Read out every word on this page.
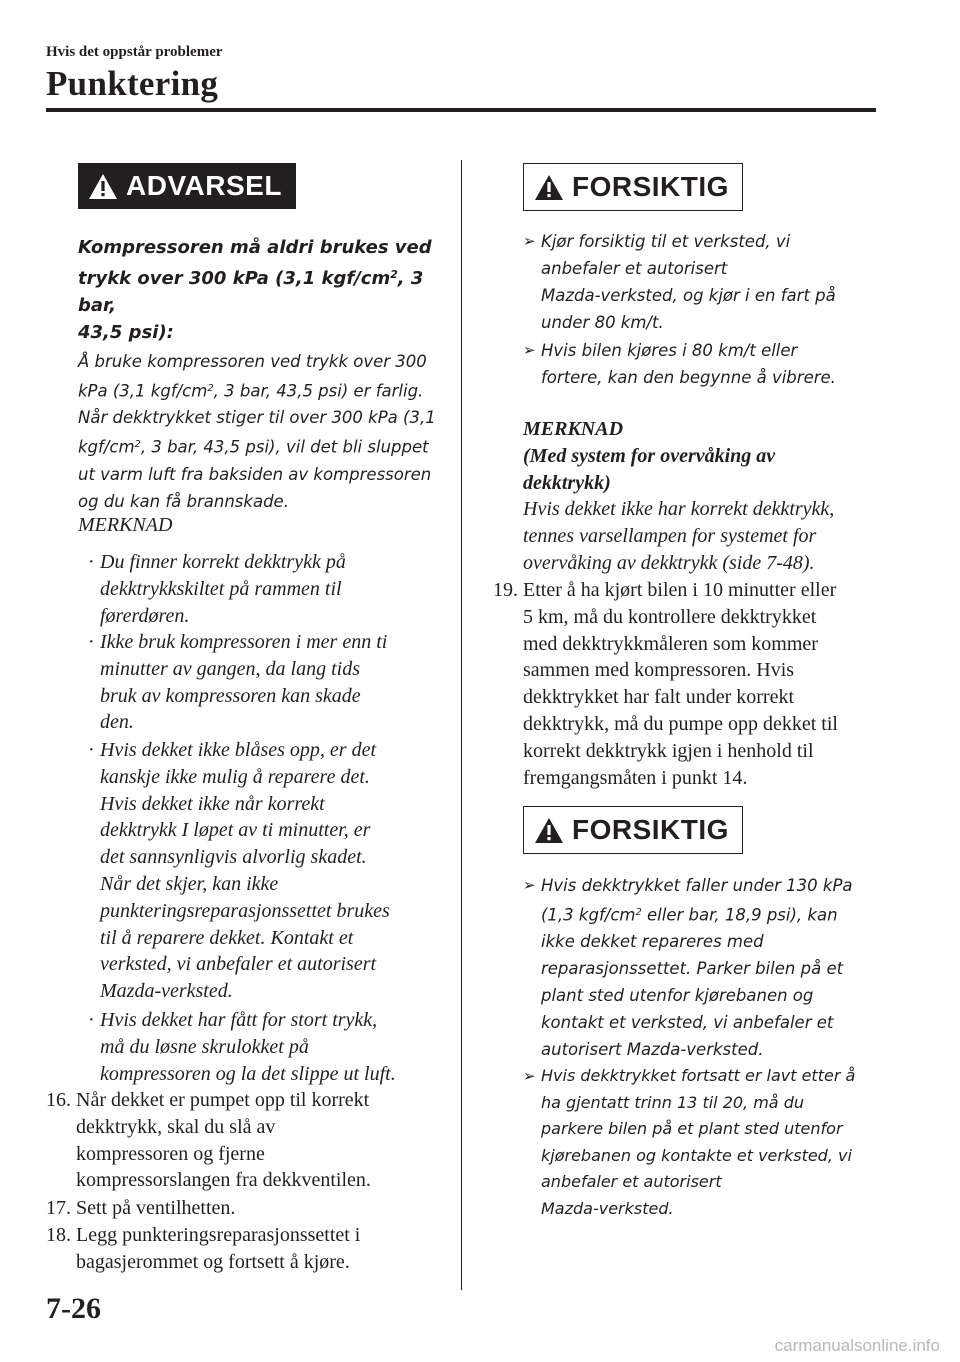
Hvis det oppstår problemer
Punktering
ADVARSEL
Kompressoren må aldri brukes ved
trykk over 300 kPa (3,1 kgf/$cm^2$, 3 bar,
43,5 psi):
Å bruke kompressoren ved trykk over 300
kPa (3,1 kgf/$cm^2$, 3 bar, 43,5 psi) er farlig.
Når dekktrykket stiger til over 300 kPa (3,1
kgf/$cm^2$, 3 bar, 43,5 psi), vil det bli sluppet
ut varm luft fra baksiden av kompressoren
og du kan få brannskade.
MERKNAD
· Du finner korrekt dekktrykk på
dekktrykkskiltet på rammen til
førerdøren.
· Ikke bruk kompressoren i mer enn ti
minutter av gangen, da lang tids
bruk av kompressoren kan skade
den.
· Hvis dekket ikke blåses opp, er det
kanskje ikke mulig å reparere det.
Hvis dekket ikke når korrekt
dekktrykk I løpet av ti minutter, er
det sannsynligvis alvorlig skadet.
Når det skjer, kan ikke
punkteringsreparasjonssettet brukes
til å reparere dekket. Kontakt et
verksted, vi anbefaler et autorisert
Mazda-verksted.
· Hvis dekket har fått for stort trykk,
må du løsne skrulokket på
kompressoren og la det slippe ut luft.
16. Når dekket er pumpet opp til korrekt
dekktrykk, skal du slå av
kompressoren og fjerne
kompressorslangen fra dekkventilen.
17. Sett på ventilhetten.
18. Legg punkteringsreparasjonssettet i
bagasjerommet og fortsett å kjøre.
FORSIKTIG
➢ Kjør forsiktig til et verksted, vi
anbefaler et autorisert
Mazda-verksted, og kjør i en fart på
under 80 km/t.
➢ Hvis bilen kjøres i 80 km/t eller
fortere, kan den begynne å vibrere.
MERKNAD
(Med system for overvåking av
dekktrykk)
Hvis dekket ikke har korrekt dekktrykk,
tennes varsellampen for systemet for
overvåking av dekktrykk (side 7-48).
19. Etter å ha kjørt bilen i 10 minutter eller
5 km, må du kontrollere dekktrykket
med dekktrykkmåleren som kommer
sammen med kompressoren. Hvis
dekktrykket har falt under korrekt
dekktrykk, må du pumpe opp dekket til
korrekt dekktrykk igjen i henhold til
fremgangsmåten i punkt 14.
FORSIKTIG
➢ Hvis dekktrykket faller under 130 kPa
(1,3 kgf/$cm^2$ eller bar, 18,9 psi), kan
ikke dekket repareres med
reparasjonssettet. Parker bilen på et
plant sted utenfor kjørebanen og
kontakt et verksted, vi anbefaler et
autorisert Mazda-verksted.
➢ Hvis dekktrykket fortsatt er lavt etter å
ha gjentatt trinn 13 til 20, må du
parkere bilen på et plant sted utenfor
kjørebanen og kontakte et verksted, vi
anbefaler et autorisert
Mazda-verksted.
7-26
carmanualsonline.info
